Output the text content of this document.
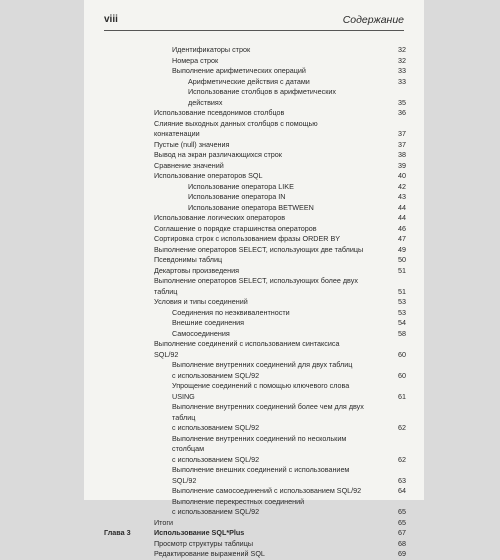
viii	Содержание
Идентификаторы строк	32
Номера строк	32
Выполнение арифметических операций	33
Арифметические действия с датами	33
Использование столбцов в арифметических действиях	35
Использование псевдонимов столбцов	36
Слияние выходных данных столбцов с помощью конкатенации	37
Пустые (null) значения	37
Вывод на экран различающихся строк	38
Сравнение значений	39
Использование операторов SQL	40
Использование оператора LIKE	42
Использование оператора IN	43
Использование оператора BETWEEN	44
Использование логических операторов	44
Соглашение о порядке старшинства операторов	46
Сортировка строк с использованием фразы ORDER BY	47
Выполнение операторов SELECT, использующих две таблицы	49
Псевдонимы таблиц	50
Декартовы произведения	51
Выполнение операторов SELECT, использующих более двух таблиц	51
Условия и типы соединений	53
Соединения по неэквивалентности	53
Внешние соединения	54
Самосоединения	58
Выполнение соединений с использованием синтаксиса SQL/92	60
Выполнение внутренних соединений для двух таблиц
с использованием SQL/92	60
Упрощение соединений с помощью ключевого слова USING	61
Выполнение внутренних соединений более чем для двух таблиц
с использованием SQL/92	62
Выполнение внутренних соединений по нескольким столбцам
с использованием SQL/92	62
Выполнение внешних соединений с использованием SQL/92	63
Выполнение самосоединений с использованием SQL/92	64
Выполнение перекрестных соединений
с использованием SQL/92	65
Итоги	65
Глава 3	Использование SQL*Plus	67
Просмотр структуры таблицы	68
Редактирование выражений SQL	69
